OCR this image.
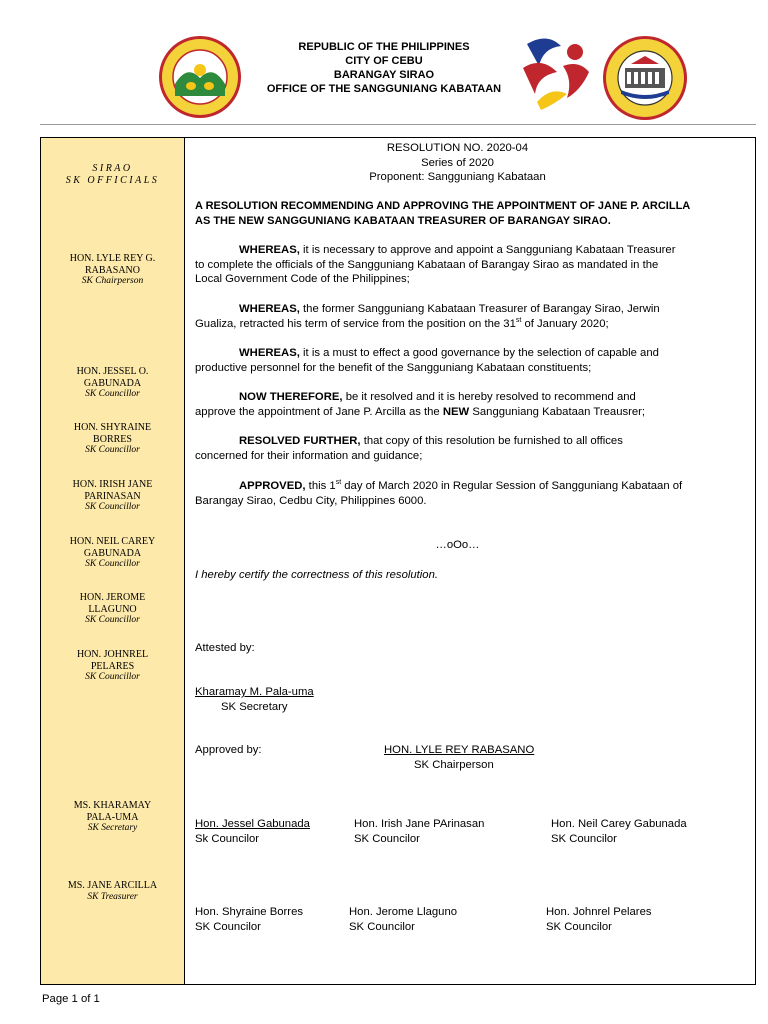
REPUBLIC OF THE PHILIPPINES
CITY OF CEBU
BARANGAY SIRAO
OFFICE OF THE SANGGUNIANG KABATAAN
SIRAO
SK OFFICIALS
HON. LYLE REY G.
RABASANO
SK Chairperson
HON. JESSEL O.
GABUNADA
SK Councillor
HON. SHYRAINE
BORRES
SK Councillor
HON. IRISH JANE
PARINASAN
SK Councillor
HON. NEIL CAREY
GABUNADA
SK Councillor
HON. JEROME
LLAGUNO
SK Councillor
HON. JOHNREL
PELARES
SK Councillor
MS. KHARAMAY
PALA-UMA
SK Secretary
MS. JANE ARCILLA
SK Treasurer
RESOLUTION NO. 2020-04
Series of 2020
Proponent: Sangguniang Kabataan
A RESOLUTION RECOMMENDING AND APPROVING THE APPOINTMENT OF JANE P. ARCILLA
AS THE NEW SANGGUNIANG KABATAAN TREASURER OF BARANGAY SIRAO.
WHEREAS, it is necessary to approve and appoint a Sangguniang Kabataan Treasurer
to complete the officials of the Sangguniang Kabataan of Barangay Sirao as mandated in the
Local Government Code of the Philippines;
WHEREAS, the former Sangguniang Kabataan Treasurer of Barangay Sirao, Jerwin
Gualiza, retracted his term of service from the position on the 31st of January 2020;
WHEREAS, it is a must to effect a good governance by the selection of capable and
productive personnel for the benefit of the Sangguniang Kabataan constituents;
NOW THEREFORE, be it resolved and it is hereby resolved to recommend and
approve the appointment of Jane P. Arcilla as the NEW Sangguniang Kabataan Treausrer;
RESOLVED FURTHER, that copy of this resolution be furnished to all offices
concerned for their information and guidance;
APPROVED, this 1st day of March 2020 in Regular Session of Sangguniang Kabataan of
Barangay Sirao, Cedbu City, Philippines 6000.
…oOo…
I hereby certify the correctness of this resolution.
Attested by:
Kharamay M. Pala-uma
SK Secretary
Approved by:	HON. LYLE REY RABASANO
SK Chairperson
Hon. Jessel Gabunada
Sk Councilor
Hon. Irish Jane PArinasan
SK Councilor
Hon. Neil Carey Gabunada
SK Councilor
Hon. Shyraine Borres
SK Councilor
Hon. Jerome Llaguno
SK Councilor
Hon. Johnrel Pelares
SK Councilor
Page 1 of 1
